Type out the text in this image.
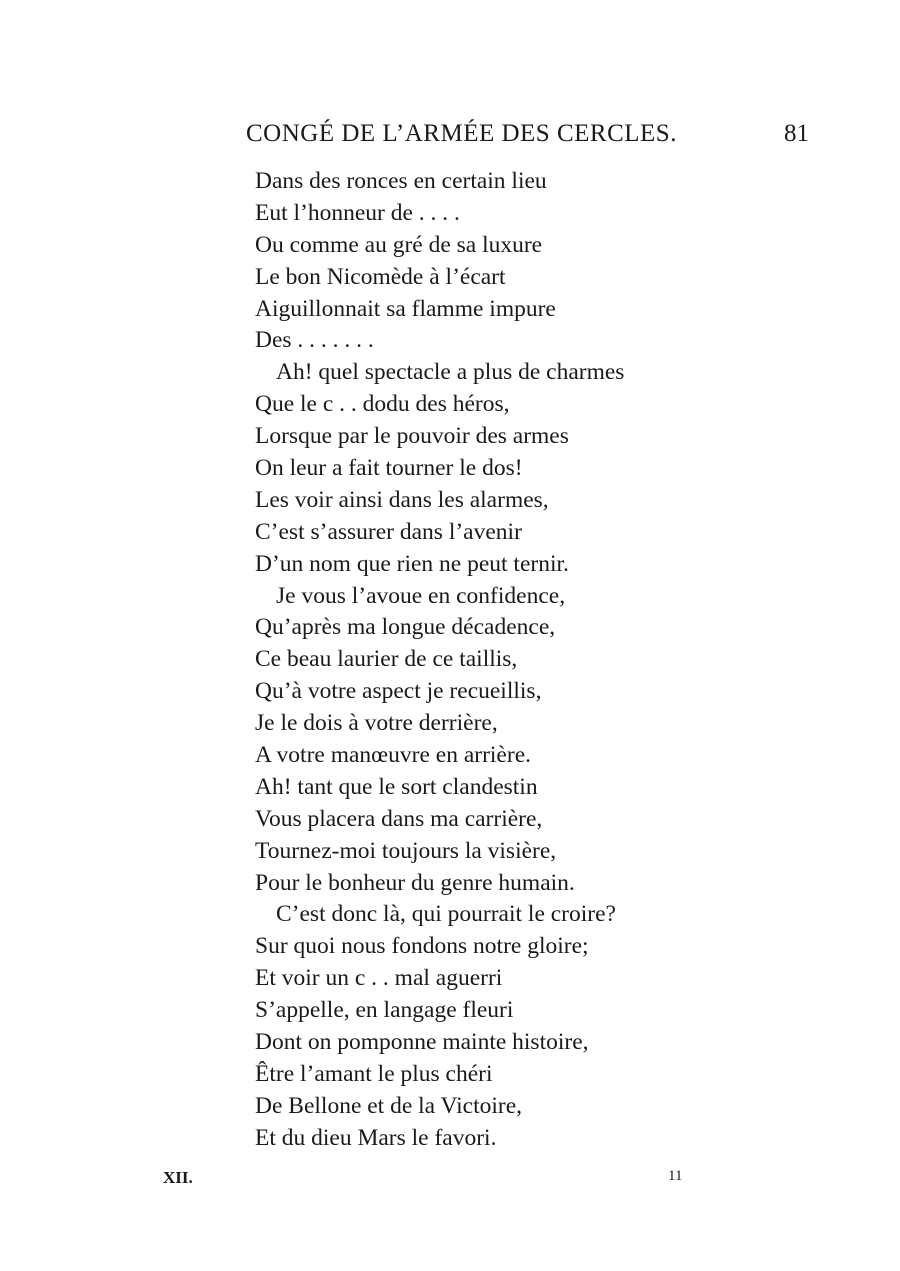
CONGÉ DE L’ARMÉE DES CERCLES.	81
Dans des ronces en certain lieu
Eut l’honneur de . . . .
Ou comme au gré de sa luxure
Le bon Nicomède à l’écart
Aiguillonnait sa flamme impure
Des . . . . . . .
Ah! quel spectacle a plus de charmes
Que le c . . dodu des héros,
Lorsque par le pouvoir des armes
On leur a fait tourner le dos!
Les voir ainsi dans les alarmes,
C’est s’assurer dans l’avenir
D’un nom que rien ne peut ternir.
Je vous l’avoue en confidence,
Qu’après ma longue décadence,
Ce beau laurier de ce taillis,
Qu’à votre aspect je recueillis,
Je le dois à votre derrière,
A votre manœuvre en arrière.
Ah! tant que le sort clandestin
Vous placera dans ma carrière,
Tournez-moi toujours la visière,
Pour le bonheur du genre humain.
C’est donc là, qui pourrait le croire?
Sur quoi nous fondons notre gloire;
Et voir un c . . mal aguerri
S’appelle, en langage fleuri
Dont on pomponne mainte histoire,
Être l’amant le plus chéri
De Bellone et de la Victoire,
Et du dieu Mars le favori.
XII.	11
